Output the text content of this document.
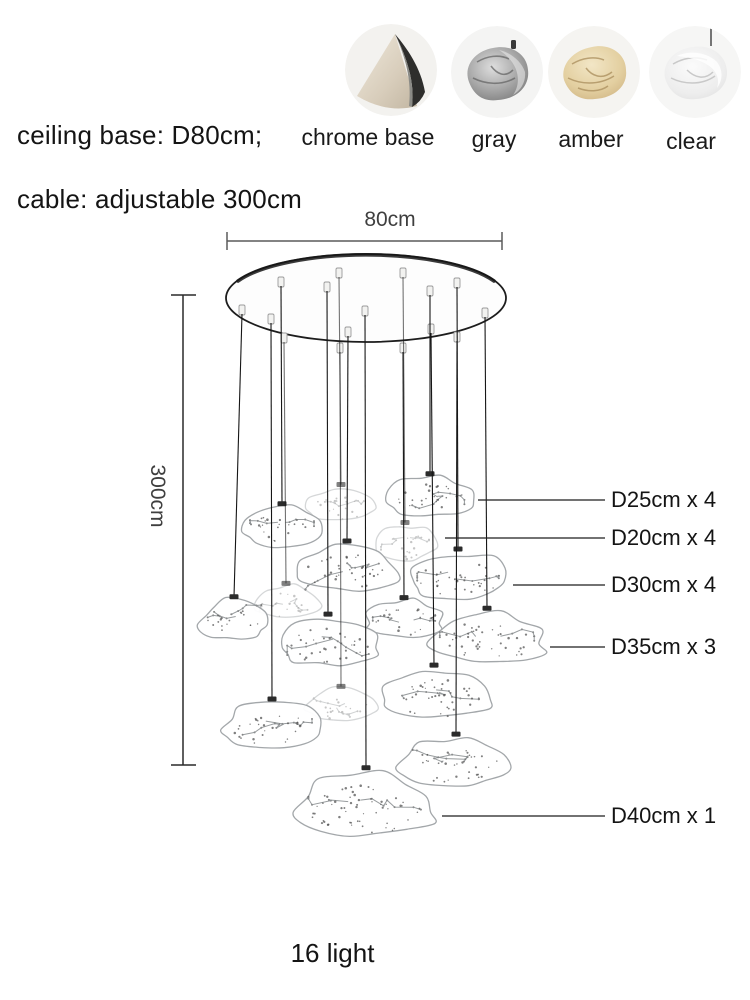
ceiling base: D80cm;
cable: adjustable 300cm
chrome base	gray	amber	clear
80cm
300cm	D25cm x 4
D20cm x 4
D30cm x 4
D35cm x 3
D40cm x 1
16 light
